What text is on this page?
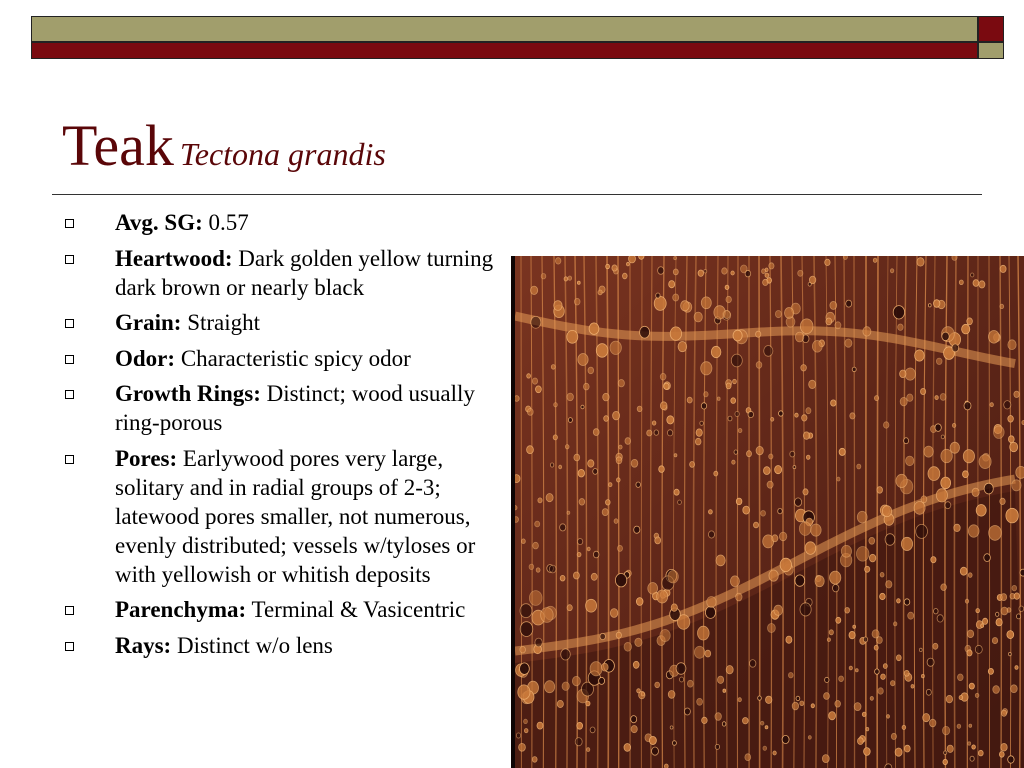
Teak Tectona grandis
Avg. SG: 0.57
Heartwood: Dark golden yellow turning dark brown or nearly black
Grain: Straight
Odor: Characteristic spicy odor
Growth Rings: Distinct; wood usually ring-porous
Pores: Earlywood pores very large, solitary and in radial groups of 2-3; latewood pores smaller, not numerous, evenly distributed; vessels w/tyloses or with yellowish or whitish deposits
Parenchyma: Terminal & Vasicentric
Rays: Distinct w/o lens
